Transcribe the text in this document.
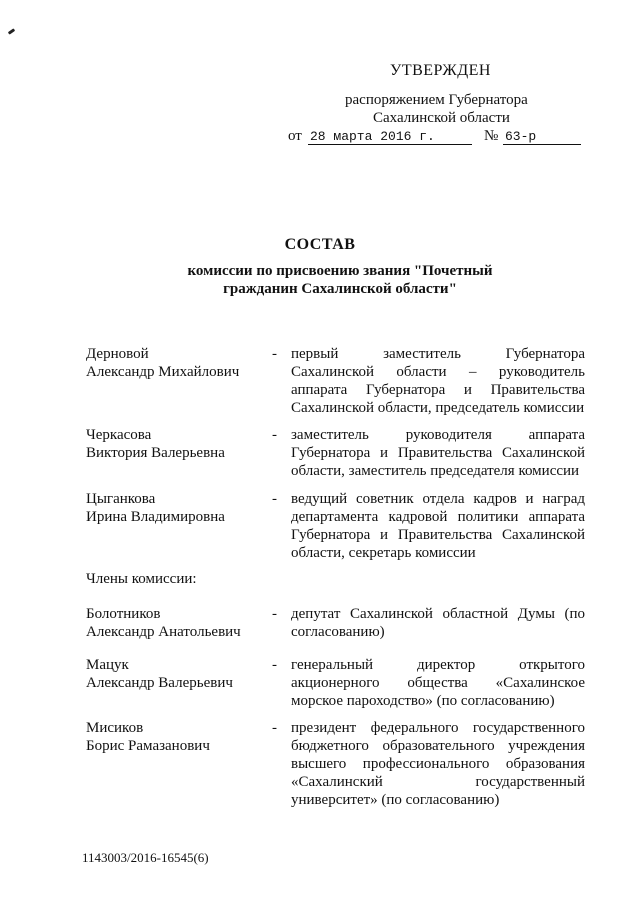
УТВЕРЖДЕН
распоряжением Губернатора
Сахалинской области
от 28 марта 2016 г.	№ 63-р
СОСТАВ
комиссии по присвоению звания "Почетный
гражданин Сахалинской области"
Дерновой
Александр Михайлович
- первый заместитель Губернатора Сахалинской области – руководитель аппарата Губернатора и Правительства Сахалинской области, председатель комиссии
Черкасова
Виктория Валерьевна
- заместитель руководителя аппарата Губернатора и Правительства Сахалинской области, заместитель председателя комиссии
Цыганкова
Ирина Владимировна
- ведущий советник отдела кадров и наград департамента кадровой политики аппарата Губернатора и Правительства Сахалинской области, секретарь комиссии
Члены комиссии:
Болотников
Александр Анатольевич
- депутат Сахалинской областной Думы (по согласованию)
Мацук
Александр Валерьевич
- генеральный директор открытого акционерного общества «Сахалинское морское пароходство» (по согласованию)
Мисиков
Борис Рамазанович
- президент федерального государственного бюджетного образовательного учреждения высшего профессионального образования «Сахалинский государственный университет» (по согласованию)
1143003/2016-16545(6)
